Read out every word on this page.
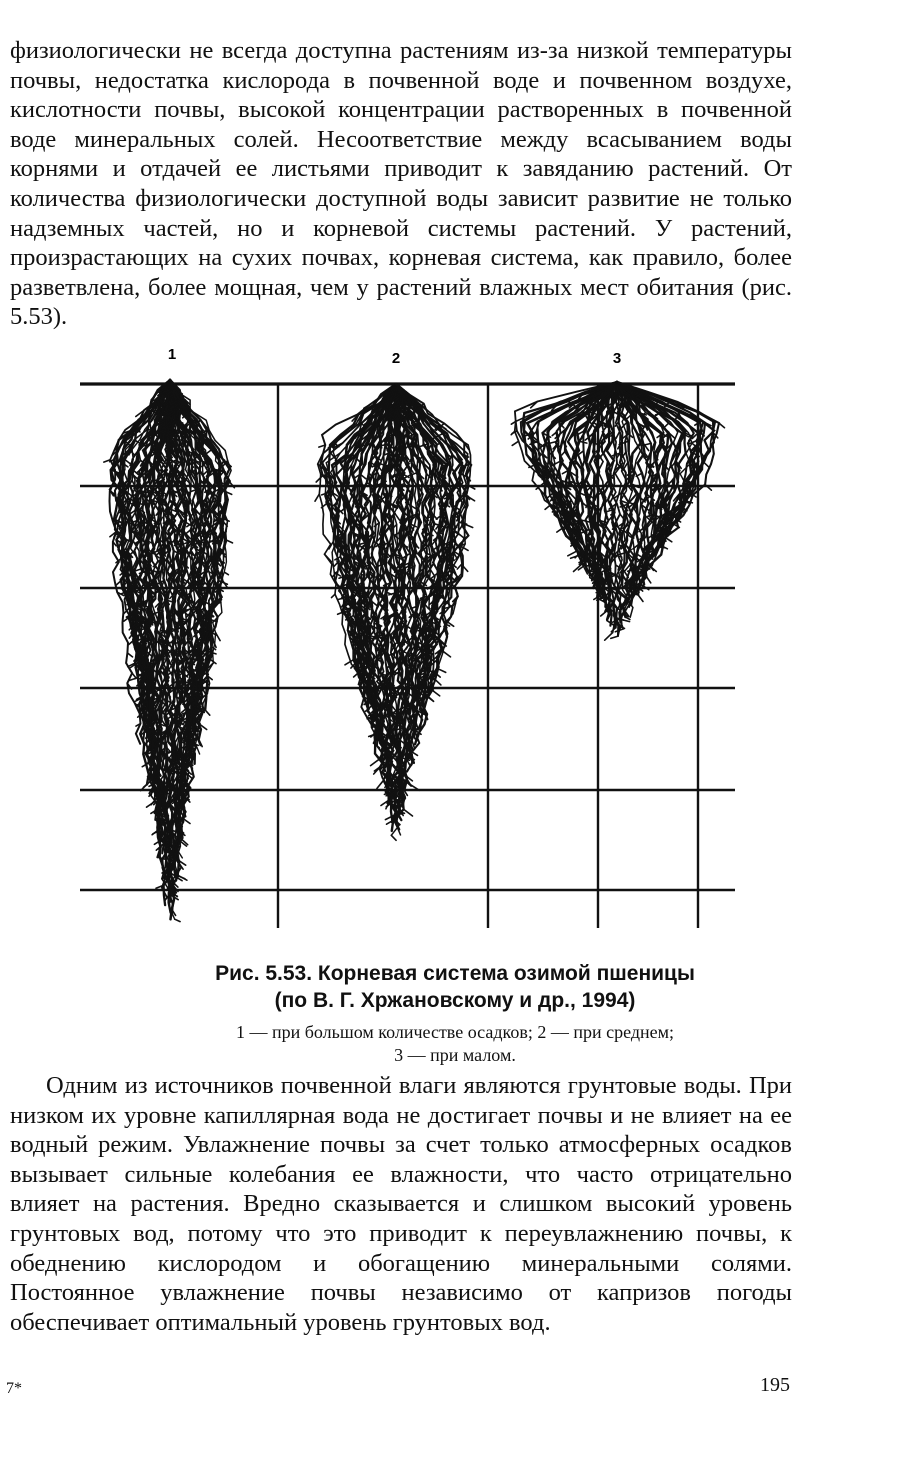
физиологически не всегда доступна растениям из-за низкой температуры почвы, недостатка кислорода в почвенной воде и почвенном воздухе, кислотности почвы, высокой концентрации растворенных в почвенной воде минеральных солей. Несоответствие между всасыванием воды корнями и отдачей ее листьями приводит к завяданию растений. От количества физиологически доступной воды зависит развитие не только надземных частей, но и корневой системы растений. У растений, произрастающих на сухих почвах, корневая система, как правило, более разветвлена, более мощная, чем у растений влажных мест обитания (рис. 5.53).

1	2	3
Рис. 5.53. Корневая система озимой пшеницы
(по В. Г. Хржановскому и др., 1994)
1 — при большом количестве осадков; 2 — при среднем;
3 — при малом.

Одним из источников почвенной влаги являются грунтовые воды. При низком их уровне капиллярная вода не достигает почвы и не влияет на ее водный режим. Увлажнение почвы за счет только атмосферных осадков вызывает сильные колебания ее влажности, что часто отрицательно влияет на растения. Вредно сказывается и слишком высокий уровень грунтовых вод, потому что это приводит к переувлажнению почвы, к обеднению кислородом и обогащению минеральными солями. Постоянное увлажнение почвы независимо от капризов погоды обеспечивает оптимальный уровень грунтовых вод.

7*	195
